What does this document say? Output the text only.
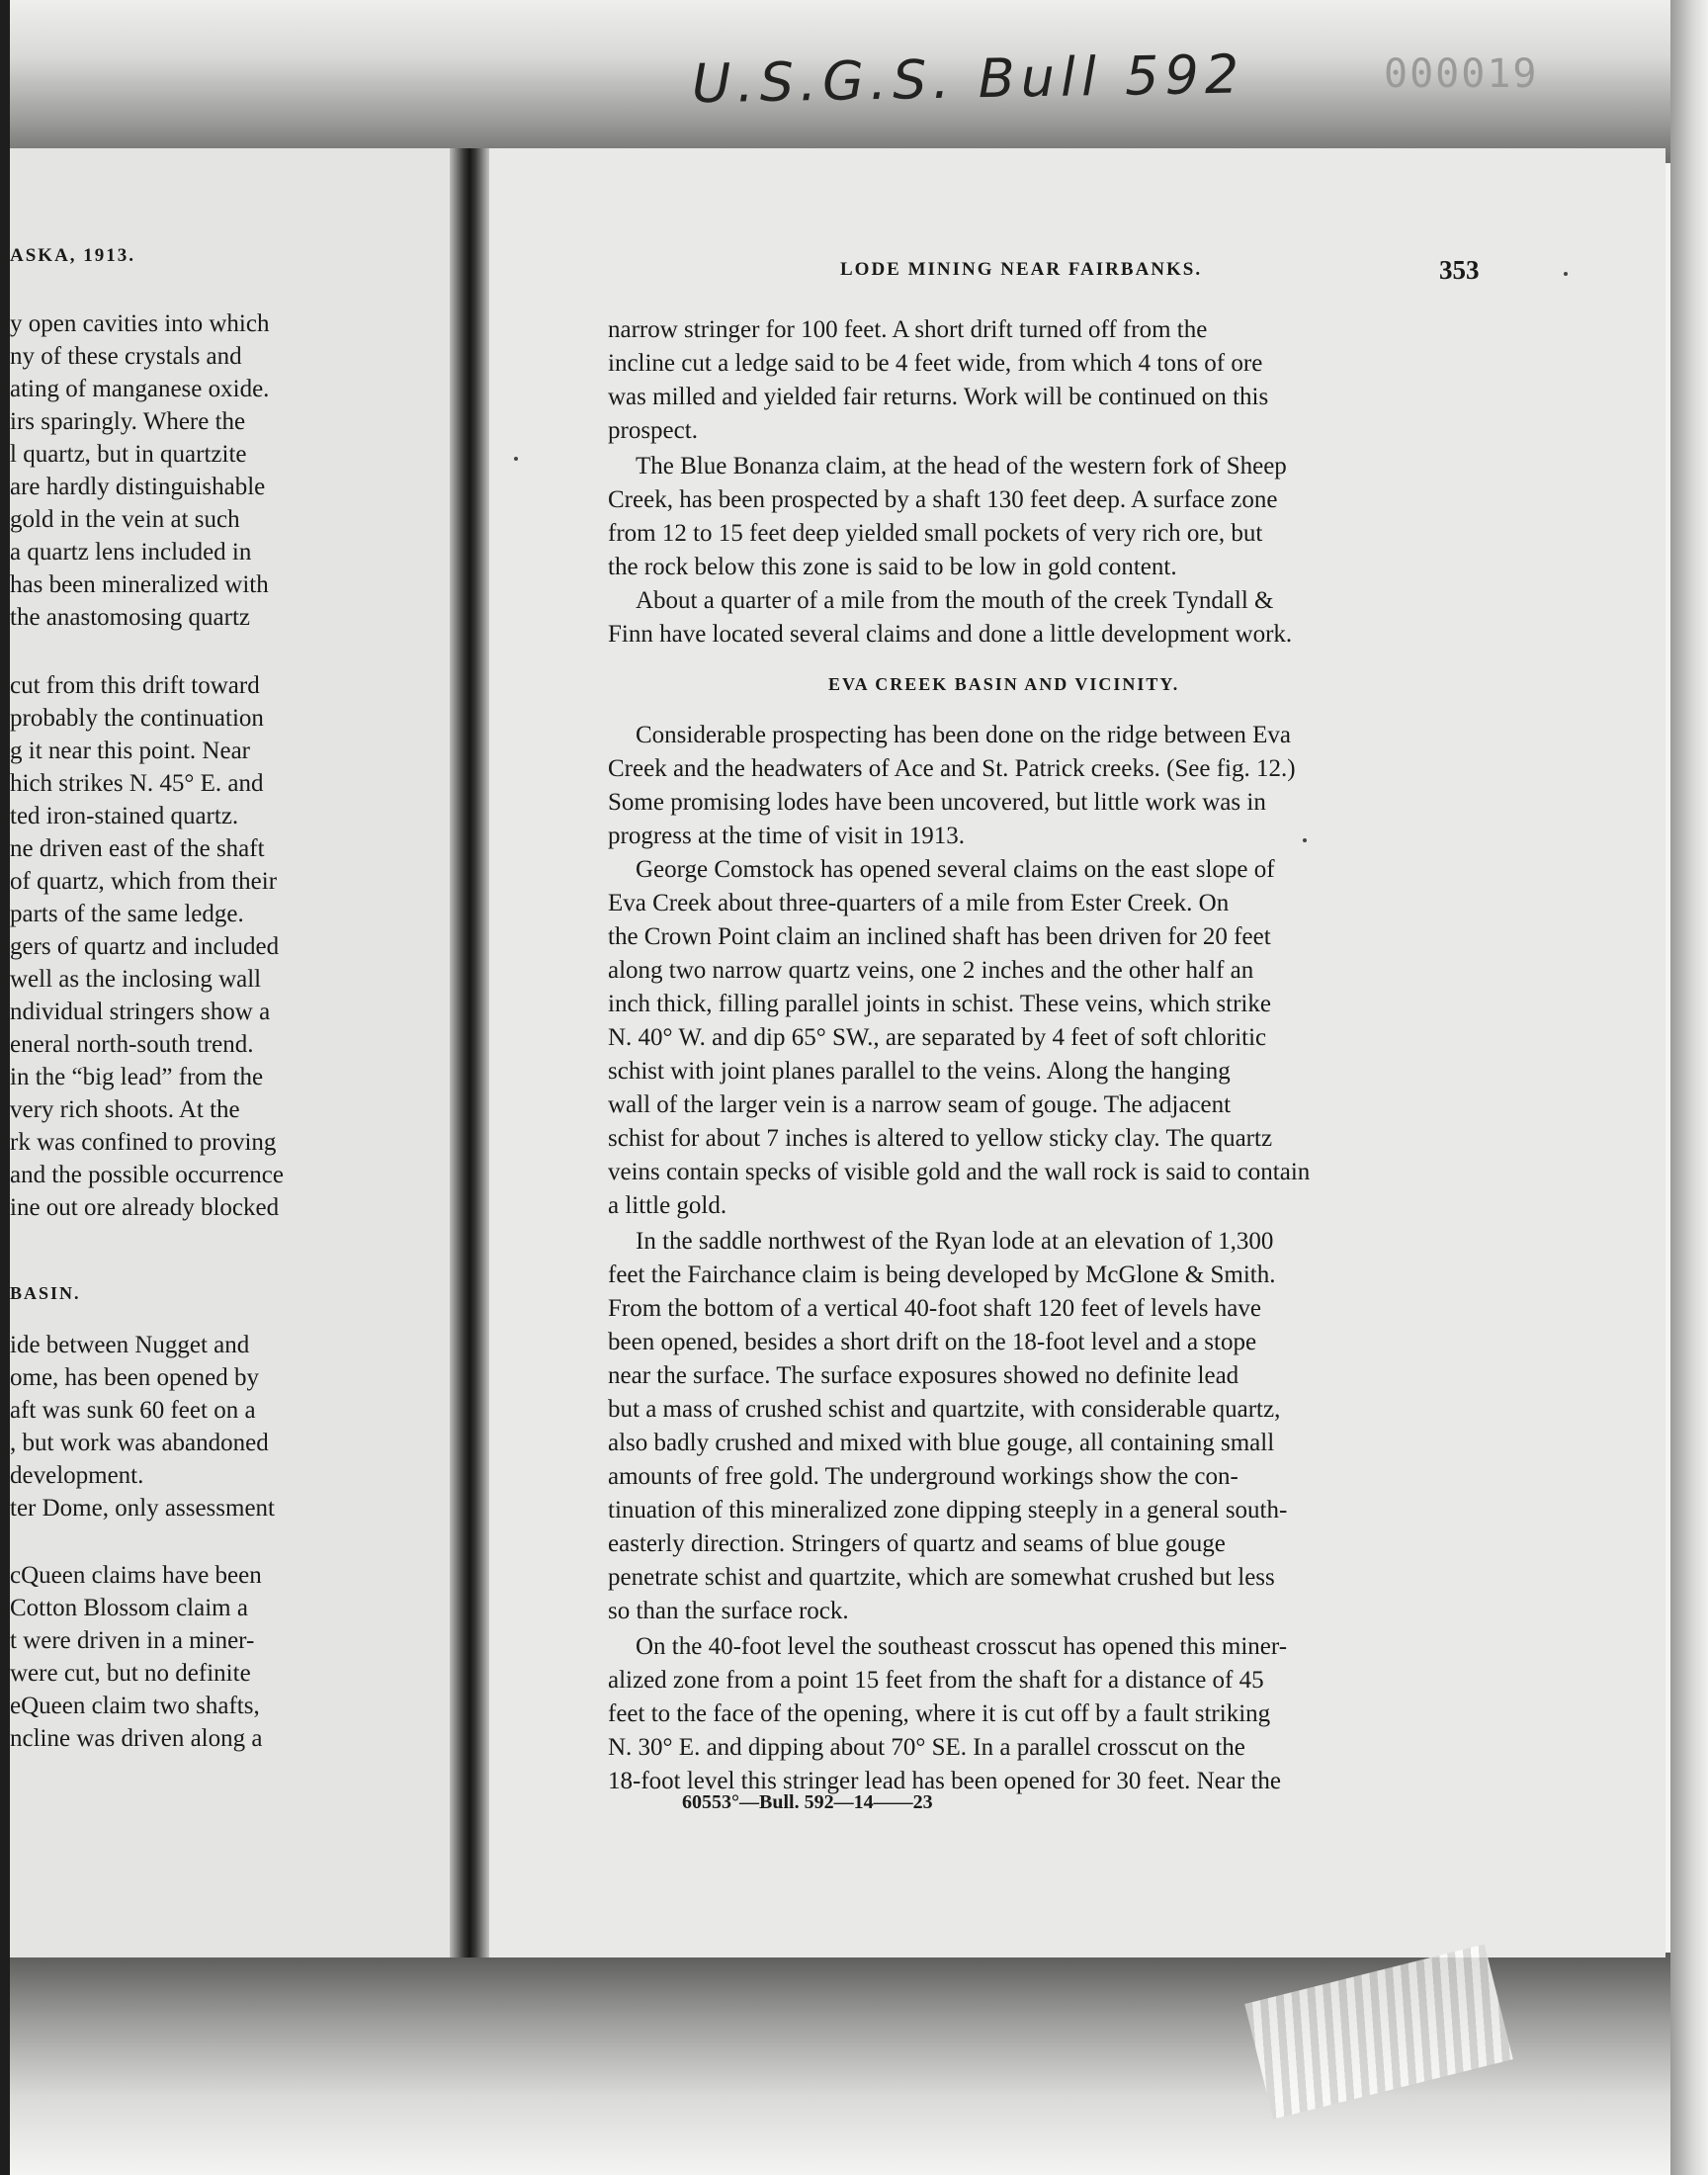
U.S.G.S. Bull 592	000019
ASKA, 1913.
BASIN.
y open cavities into which
ny of these crystals and
ating of manganese oxide.
irs sparingly. Where the
l quartz, but in quartzite
are hardly distinguishable
gold in the vein at such
a quartz lens included in
has been mineralized with
the anastomosing quartz
cut from this drift toward
probably the continuation
g it near this point. Near
hich strikes N. 45° E. and
ted iron-stained quartz.
ne driven east of the shaft
of quartz, which from their
parts of the same ledge.
gers of quartz and included
well as the inclosing wall
ndividual stringers show a
eneral north-south trend.
in the “big lead” from the
very rich shoots. At the
rk was confined to proving
and the possible occurrence
ine out ore already blocked
ide between Nugget and
ome, has been opened by
aft was sunk 60 feet on a
, but work was abandoned
development.
ter Dome, only assessment
cQueen claims have been
Cotton Blossom claim a
t were driven in a miner-
were cut, but no definite
eQueen claim two shafts,
ncline was driven along a
LODE MINING NEAR FAIRBANKS.	353
EVA CREEK BASIN AND VICINITY.
narrow stringer for 100 feet. A short drift turned off from the
incline cut a ledge said to be 4 feet wide, from which 4 tons of ore
was milled and yielded fair returns. Work will be continued on this
prospect.
The Blue Bonanza claim, at the head of the western fork of Sheep
Creek, has been prospected by a shaft 130 feet deep. A surface zone
from 12 to 15 feet deep yielded small pockets of very rich ore, but
the rock below this zone is said to be low in gold content.
About a quarter of a mile from the mouth of the creek Tyndall &
Finn have located several claims and done a little development work.
Considerable prospecting has been done on the ridge between Eva
Creek and the headwaters of Ace and St. Patrick creeks. (See fig. 12.)
Some promising lodes have been uncovered, but little work was in
progress at the time of visit in 1913.
George Comstock has opened several claims on the east slope of
Eva Creek about three-quarters of a mile from Ester Creek. On
the Crown Point claim an inclined shaft has been driven for 20 feet
along two narrow quartz veins, one 2 inches and the other half an
inch thick, filling parallel joints in schist. These veins, which strike
N. 40° W. and dip 65° SW., are separated by 4 feet of soft chloritic
schist with joint planes parallel to the veins. Along the hanging
wall of the larger vein is a narrow seam of gouge. The adjacent
schist for about 7 inches is altered to yellow sticky clay. The quartz
veins contain specks of visible gold and the wall rock is said to contain
a little gold.
In the saddle northwest of the Ryan lode at an elevation of 1,300
feet the Fairchance claim is being developed by McGlone & Smith.
From the bottom of a vertical 40-foot shaft 120 feet of levels have
been opened, besides a short drift on the 18-foot level and a stope
near the surface. The surface exposures showed no definite lead
but a mass of crushed schist and quartzite, with considerable quartz,
also badly crushed and mixed with blue gouge, all containing small
amounts of free gold. The underground workings show the con-
tinuation of this mineralized zone dipping steeply in a general south-
easterly direction. Stringers of quartz and seams of blue gouge
penetrate schist and quartzite, which are somewhat crushed but less
so than the surface rock.
On the 40-foot level the southeast crosscut has opened this miner-
alized zone from a point 15 feet from the shaft for a distance of 45
feet to the face of the opening, where it is cut off by a fault striking
N. 30° E. and dipping about 70° SE. In a parallel crosscut on the
18-foot level this stringer lead has been opened for 30 feet. Near the
60553°—Bull. 592—14——23
